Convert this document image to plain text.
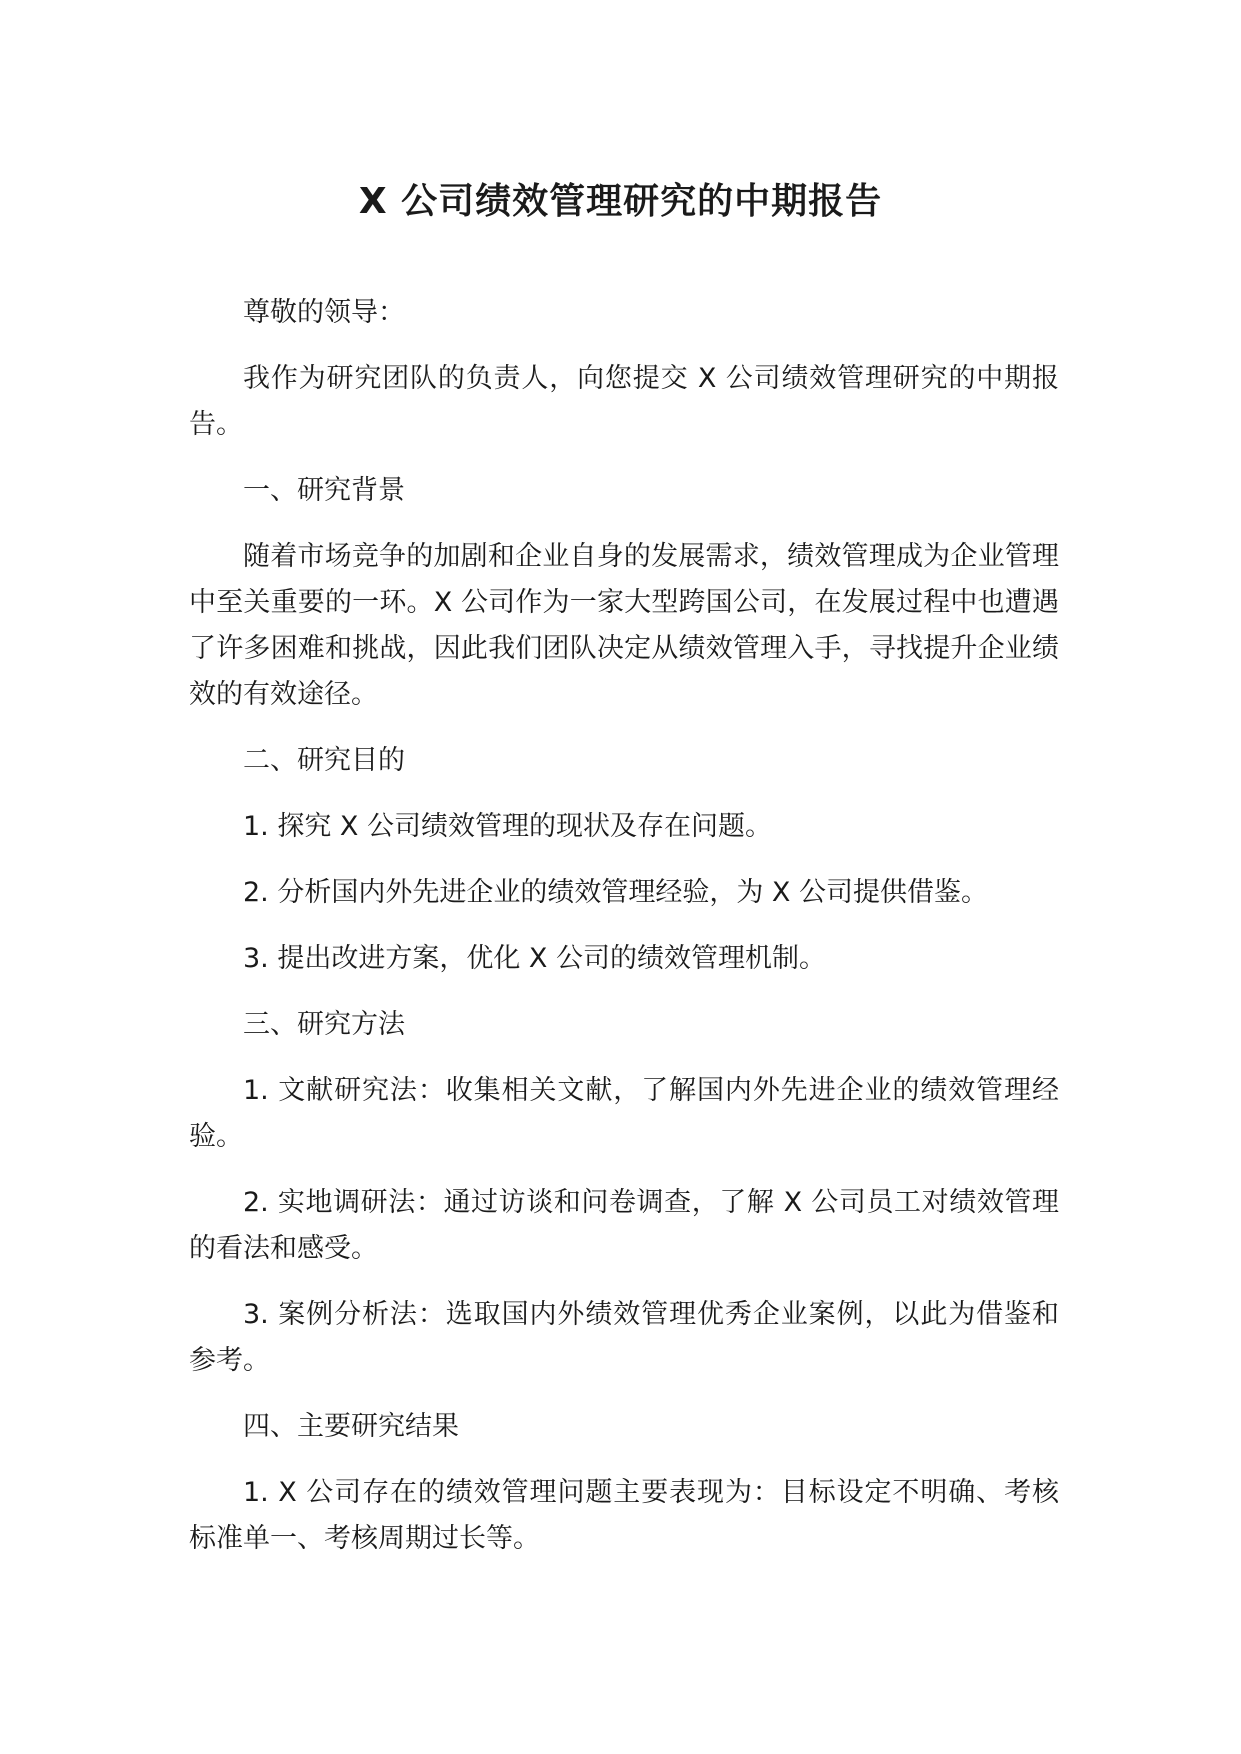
X 公司绩效管理研究的中期报告

尊敬的领导：

我作为研究团队的负责人，向您提交 X 公司绩效管理研究的中期报告。

一、研究背景

随着市场竞争的加剧和企业自身的发展需求，绩效管理成为企业管理中至关重要的一环。X 公司作为一家大型跨国公司，在发展过程中也遭遇了许多困难和挑战，因此我们团队决定从绩效管理入手，寻找提升企业绩效的有效途径。

二、研究目的

1. 探究 X 公司绩效管理的现状及存在问题。

2. 分析国内外先进企业的绩效管理经验，为 X 公司提供借鉴。

3. 提出改进方案，优化 X 公司的绩效管理机制。

三、研究方法

1. 文献研究法：收集相关文献，了解国内外先进企业的绩效管理经验。

2. 实地调研法：通过访谈和问卷调查，了解 X 公司员工对绩效管理的看法和感受。

3. 案例分析法：选取国内外绩效管理优秀企业案例，以此为借鉴和参考。

四、主要研究结果

1. X 公司存在的绩效管理问题主要表现为：目标设定不明确、考核标准单一、考核周期过长等。
